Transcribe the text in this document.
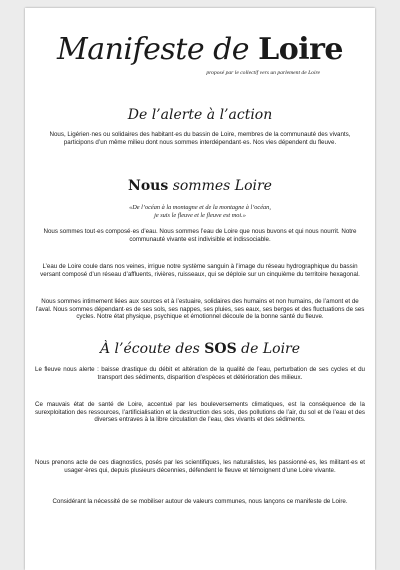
Manifeste de Loire
proposé par le collectif vers un parlement de Loire
De l’alerte à l’action
Nous, Ligérien·nes ou solidaires des habitant·es du bassin de Loire, membres de la communauté des vivants, participons d’un même milieu dont nous sommes interdépendant·es. Nos vies dépendent du fleuve.
Nous sommes Loire
«De l’océan à la montagne et de la montagne à l’océan,
je suis le fleuve et le fleuve est moi.»
Nous sommes tout·es composé·es d’eau. Nous sommes l’eau de Loire que nous buvons et qui nous nourrit. Notre communauté vivante est indivisible et indissociable.
L’eau de Loire coule dans nos veines, irrigue notre système sanguin à l’image du réseau hydrographique du bassin versant composé d’un réseau d’affluents, rivières, ruisseaux, qui se déploie sur un cinquième du territoire hexagonal.
Nous sommes intimement liées aux sources et à l’estuaire, solidaires des humains et non humains, de l’amont et de l’aval. Nous sommes dépendant·es de ses sols, ses nappes, ses pluies, ses eaux, ses berges et des fluctuations de ses cycles. Notre état physique, psychique et émotionnel découle de la bonne santé du fleuve.
À l’écoute des SOS de Loire
Le fleuve nous alerte : baisse drastique du débit et altération de la qualité de l’eau, perturbation de ses cycles et du transport des sédiments, disparition d’espèces et détérioration des milieux.
Ce mauvais état de santé de Loire, accentué par les bouleversements climatiques, est la conséquence de la surexploitation des ressources, l’artificialisation et la destruction des sols, des pollutions de l’air, du sol et de l’eau et des diverses entraves à la libre circulation de l’eau, des vivants et des sédiments.
Nous prenons acte de ces diagnostics, posés par les scientifiques, les naturalistes, les passionné·es, les militant·es et usager·ères qui, depuis plusieurs décennies, défendent le fleuve et témoignent d’une Loire vivante.
Considérant la nécessité de se mobiliser autour de valeurs communes, nous lançons ce manifeste de Loire.
